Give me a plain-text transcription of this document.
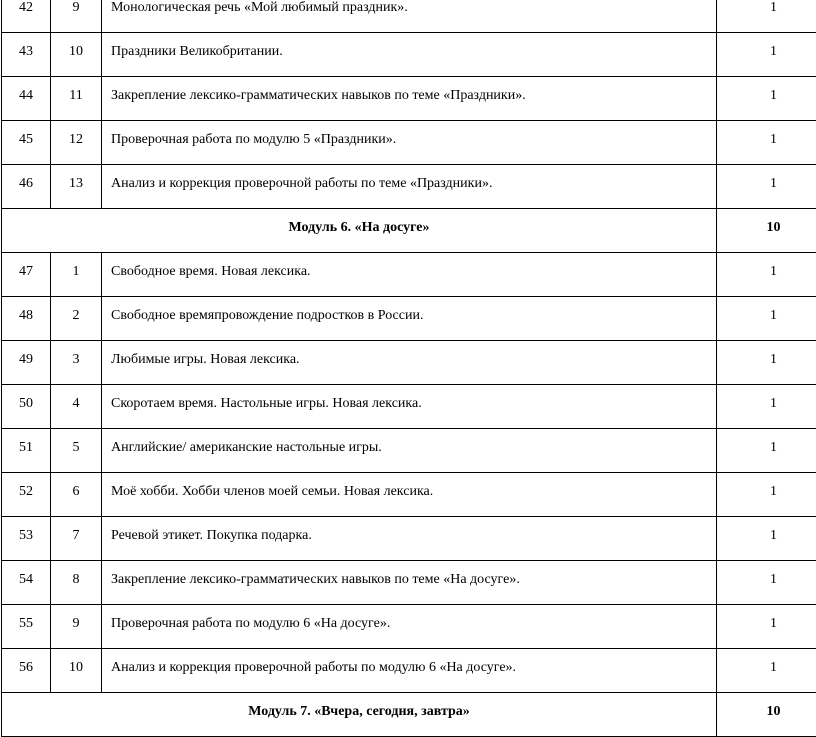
42	9	Монологическая речь «Мой любимый праздник».	1
43	10	Праздники Великобритании.	1
44	11	Закрепление лексико-грамматических навыков по теме «Праздники».	1
45	12	Проверочная работа по модулю 5 «Праздники».	1
46	13	Анализ и коррекция проверочной работы по теме «Праздники».	1
Модуль 6. «На досуге»			10
47	1	Свободное время. Новая лексика.	1
48	2	Свободное времяпровождение подростков в России.	1
49	3	Любимые игры. Новая лексика.	1
50	4	Скоротаем время. Настольные игры. Новая лексика.	1
51	5	Английские/ американские настольные игры.	1
52	6	Моё хобби. Хобби членов моей семьи. Новая лексика.	1
53	7	Речевой этикет. Покупка подарка.	1
54	8	Закрепление лексико-грамматических навыков по теме «На досуге».	1
55	9	Проверочная работа по модулю 6 «На досуге».	1
56	10	Анализ и коррекция проверочной работы по модулю 6 «На досуге».	1
Модуль 7. «Вчера, сегодня, завтра»			10
